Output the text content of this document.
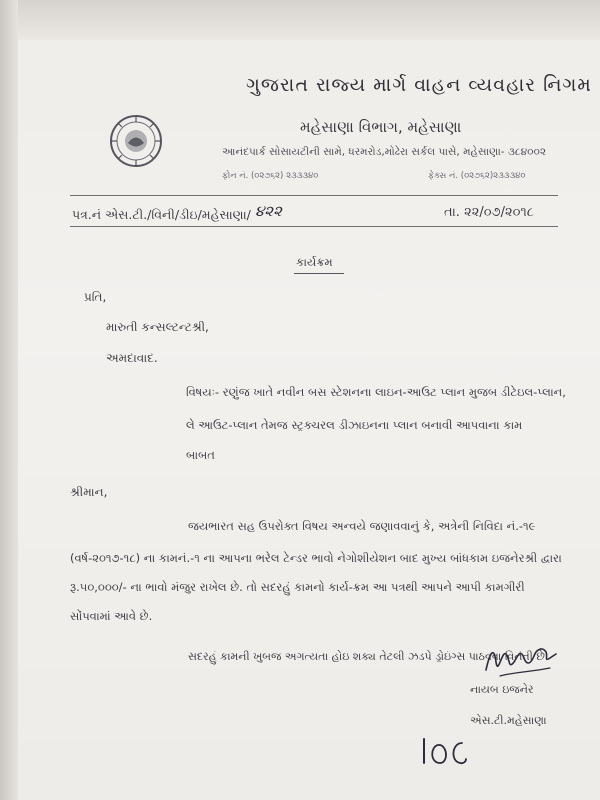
ગુજરાત રાજ્ય માર્ગ વાહન વ્યવહાર નિગમ
મહેસાણા વિભાગ, મહેસાણા
આનંદપાર્ક સોસાયટીની સામે, ધરમરોડ,મોઢેરા સર્કલ પાસે, મહેસાણા- ૩૮૪૦૦૨
ફોન નં. (૦૨૭૬૨) ૨૩૩૩૪૦	ફેક્સ નં. (૦૨૭૬૨)૨૩૩૩૪૦
પત્ર.નં એસ.ટી./વિની/ડીઇ/મહેસાણા/ ૪૨૨	તા. ૨૨/૦૭/૨૦૧૮
કાર્યક્રમ
પ્રતિ,
મારુતી કન્સલ્ટન્ટશ્રી,
અમદાવાદ.
વિષયઃ- રણુંજ ખાતે નવીન બસ સ્ટેશનના લાઇન-આઉટ પ્લાન મુજબ ડીટેઇલ-પ્લાન,
લે આઉટ-પ્લાન તેમજ સ્ટ્રક્ચરલ ડીઝાઇનના પ્લાન બનાવી આપવાના કામ
બાબત
શ્રીમાન,
જયભારત સહ ઉપરોક્ત વિષય અન્વયે જણાવવાનું કે, અત્રેની નિવિદા નં.-૧૯
(વર્ષ-૨૦૧૭-૧૮) ના કામનં.-૧ ના આપના ભરેલ ટેન્ડર ભાવો નેગોશીયેશન બાદ મુખ્ય બાંધકામ ઇજનેરશ્રી દ્વારા
રૂ.૫૦,૦૦૦/- ના ભાવો મંજુર રાખેલ છે. તો સદરહું કામનો કાર્ય-ક્રમ આ પત્રથી આપને આપી કામગીરી
સોંપવામાં આવે છે.
સદરહું કામની ખુબજ અગત્યતા હોઇ શક્ય તેટલી ઝડપે ડ્રોઇંગ્સ પાઠવવા વિનંતી છે.
નાયબ ઇજનેર
એસ.ટી.મહેસાણા
